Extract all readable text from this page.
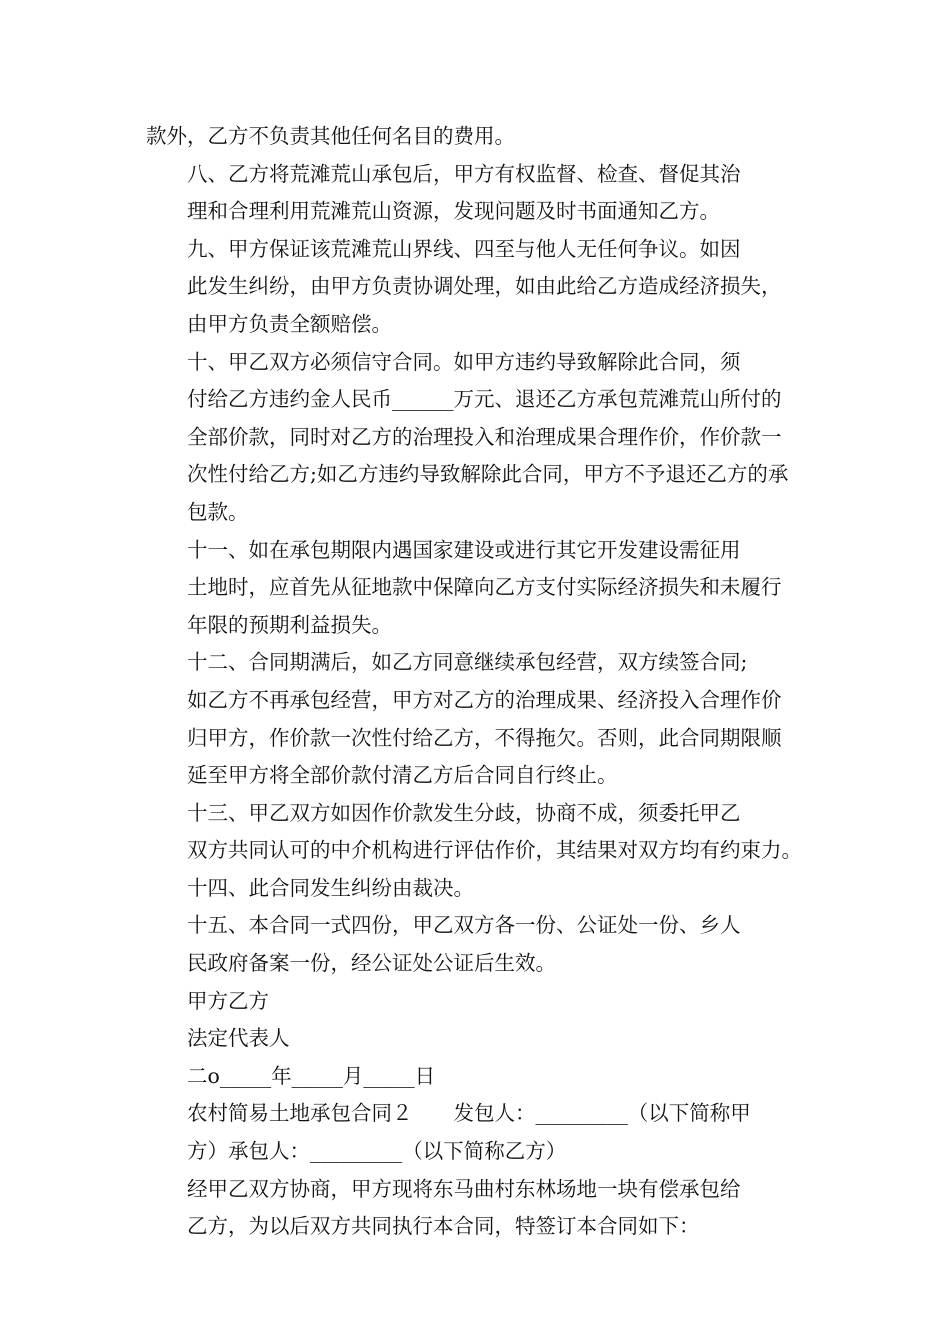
款外，乙方不负责其他任何名目的费用。

八、乙方将荒滩荒山承包后，甲方有权监督、检查、督促其治
理和合理利用荒滩荒山资源，发现问题及时书面通知乙方。

九、甲方保证该荒滩荒山界线、四至与他人无任何争议。如因
此发生纠纷，由甲方负责协调处理，如由此给乙方造成经济损失，
由甲方负责全额赔偿。

十、甲乙双方必须信守合同。如甲方违约导致解除此合同，须
付给乙方违约金人民币______万元、退还乙方承包荒滩荒山所付的
全部价款，同时对乙方的治理投入和治理成果合理作价，作价款一
次性付给乙方;如乙方违约导致解除此合同，甲方不予退还乙方的承
包款。

十一、如在承包期限内遇国家建设或进行其它开发建设需征用
土地时，应首先从征地款中保障向乙方支付实际经济损失和未履行
年限的预期利益损失。

十二、合同期满后，如乙方同意继续承包经营，双方续签合同;
如乙方不再承包经营，甲方对乙方的治理成果、经济投入合理作价
归甲方，作价款一次性付给乙方，不得拖欠。否则，此合同期限顺
延至甲方将全部价款付清乙方后合同自行终止。

十三、甲乙双方如因作价款发生分歧，协商不成，须委托甲乙
双方共同认可的中介机构进行评估作价，其结果对双方均有约束力。

十四、此合同发生纠纷由裁决。

十五、本合同一式四份，甲乙双方各一份、公证处一份、乡人
民政府备案一份，经公证处公证后生效。

甲方乙方

法定代表人

二o_____年_____月_____日

农村简易土地承包合同２　　发包人：_________（以下简称甲
方）承包人：_________（以下简称乙方）

经甲乙双方协商，甲方现将东马曲村东林场地一块有偿承包给
乙方，为以后双方共同执行本合同，特签订本合同如下：
